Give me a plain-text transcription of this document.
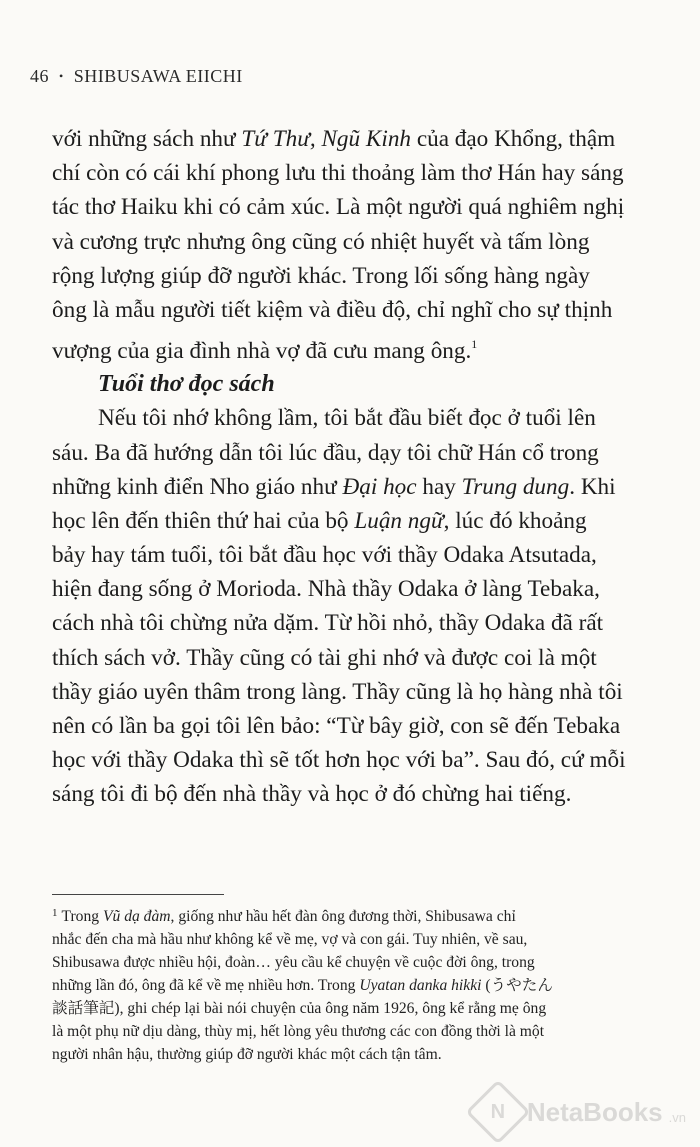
46 • SHIBUSAWA EIICHI
với những sách như Tứ Thư, Ngũ Kinh của đạo Khổng, thậm
chí còn có cái khí phong lưu thi thoảng làm thơ Hán hay sáng
tác thơ Haiku khi có cảm xúc. Là một người quá nghiêm nghị
và cương trực nhưng ông cũng có nhiệt huyết và tấm lòng
rộng lượng giúp đỡ người khác. Trong lối sống hàng ngày
ông là mẫu người tiết kiệm và điều độ, chỉ nghĩ cho sự thịnh
vượng của gia đình nhà vợ đã cưu mang ông.$^1$
Tuổi thơ đọc sách
Nếu tôi nhớ không lầm, tôi bắt đầu biết đọc ở tuổi lên
sáu. Ba đã hướng dẫn tôi lúc đầu, dạy tôi chữ Hán cổ trong
những kinh điển Nho giáo như Đại học hay Trung dung. Khi
học lên đến thiên thứ hai của bộ Luận ngữ, lúc đó khoảng
bảy hay tám tuổi, tôi bắt đầu học với thầy Odaka Atsutada,
hiện đang sống ở Morioda. Nhà thầy Odaka ở làng Tebaka,
cách nhà tôi chừng nửa dặm. Từ hồi nhỏ, thầy Odaka đã rất
thích sách vở. Thầy cũng có tài ghi nhớ và được coi là một
thầy giáo uyên thâm trong làng. Thầy cũng là họ hàng nhà tôi
nên có lần ba gọi tôi lên bảo: “Từ bây giờ, con sẽ đến Tebaka
học với thầy Odaka thì sẽ tốt hơn học với ba”. Sau đó, cứ mỗi
sáng tôi đi bộ đến nhà thầy và học ở đó chừng hai tiếng.
$^1$ Trong Vũ dạ đàm, giống như hầu hết đàn ông đương thời, Shibusawa chỉ
nhắc đến cha mà hầu như không kể về mẹ, vợ và con gái. Tuy nhiên, về sau,
Shibusawa được nhiều hội, đoàn… yêu cầu kể chuyện về cuộc đời ông, trong
những lần đó, ông đã kể về mẹ nhiều hơn. Trong Uyatan danka hikki (うやたん
談話筆記), ghi chép lại bài nói chuyện của ông năm 1926, ông kể rằng mẹ ông
là một phụ nữ dịu dàng, thùy mị, hết lòng yêu thương các con đồng thời là một
người nhân hậu, thường giúp đỡ người khác một cách tận tâm.
N NetaBooks .vn
